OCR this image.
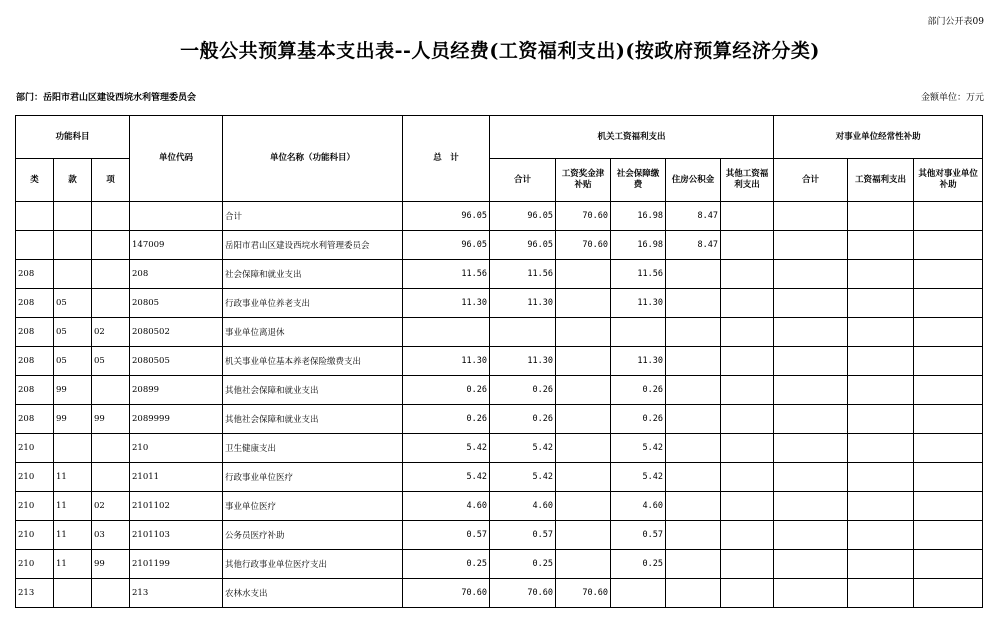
部门公开表09
一般公共预算基本支出表--人员经费(工资福利支出)(按政府预算经济分类)
部门：岳阳市君山区建设西垸水利管理委员会	金额单位：万元
功能科目			单位代码	单位名称（功能科目）	总　计	机关工资福利支出					对事业单位经常性补助		
类	款	项				合计	工资奖金津补贴	社会保障缴费	住房公积金	其他工资福利支出	合计	工资福利支出	其他对事业单位补助
				合计	96.05	96.05	70.60	16.98	8.47				
			147009	岳阳市君山区建设西垸水利管理委员会	96.05	96.05	70.60	16.98	8.47				
208			208	社会保障和就业支出	11.56	11.56		11.56					
208	05		20805	行政事业单位养老支出	11.30	11.30		11.30					
208	05	02	2080502	事业单位离退休									
208	05	05	2080505	机关事业单位基本养老保险缴费支出	11.30	11.30		11.30					
208	99		20899	其他社会保障和就业支出	0.26	0.26		0.26					
208	99	99	2089999	其他社会保障和就业支出	0.26	0.26		0.26					
210			210	卫生健康支出	5.42	5.42		5.42					
210	11		21011	行政事业单位医疗	5.42	5.42		5.42					
210	11	02	2101102	事业单位医疗	4.60	4.60		4.60					
210	11	03	2101103	公务员医疗补助	0.57	0.57		0.57					
210	11	99	2101199	其他行政事业单位医疗支出	0.25	0.25		0.25					
213			213	农林水支出	70.60	70.60	70.60						
